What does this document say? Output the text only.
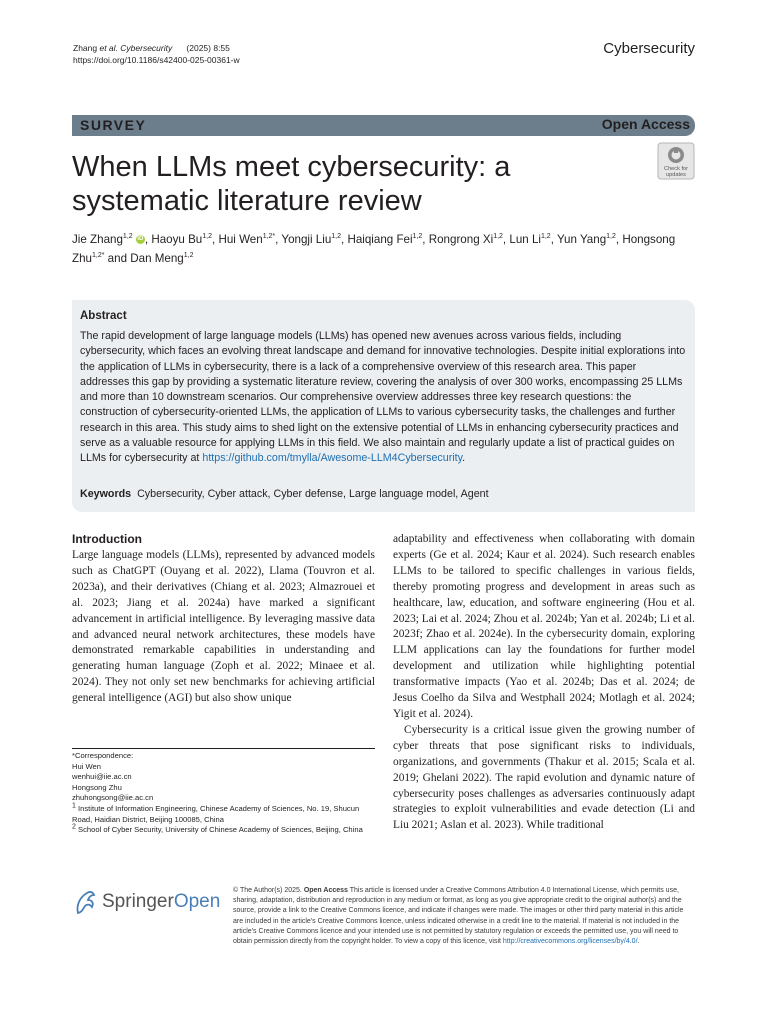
Zhang et al. Cybersecurity (2025) 8:55
https://doi.org/10.1186/s42400-025-00361-w
Cybersecurity
SURVEY	Open Access
When LLMs meet cybersecurity: a systematic literature review
Check for
updates
Jie Zhang$^{1,2}$ iD , Haoyu Bu$^{1,2}$, Hui Wen$^{1,2*}$, Yongji Liu$^{1,2}$, Haiqiang Fei$^{1,2}$, Rongrong Xi$^{1,2}$, Lun Li$^{1,2}$, Yun Yang$^{1,2}$, Hongsong Zhu$^{1,2*}$ and Dan Meng$^{1,2}$
Abstract
The rapid development of large language models (LLMs) has opened new avenues across various fields, including cybersecurity, which faces an evolving threat landscape and demand for innovative technologies. Despite initial explorations into the application of LLMs in cybersecurity, there is a lack of a comprehensive overview of this research area. This paper addresses this gap by providing a systematic literature review, covering the analysis of over 300 works, encompassing 25 LLMs and more than 10 downstream scenarios. Our comprehensive overview addresses three key research questions: the construction of cybersecurity-oriented LLMs, the application of LLMs to various cybersecurity tasks, the challenges and further research in this area. This study aims to shed light on the extensive potential of LLMs in enhancing cybersecurity practices and serve as a valuable resource for applying LLMs in this field. We also maintain and regularly update a list of practical guides on LLMs for cybersecurity at https://github.com/tmylla/Awesome-LLM4Cybersecurity.
Keywords Cybersecurity, Cyber attack, Cyber defense, Large language model, Agent
Introduction
Large language models (LLMs), represented by advanced models such as ChatGPT (Ouyang et al. 2022), Llama (Touvron et al. 2023a), and their derivatives (Chiang et al. 2023; Almazrouei et al. 2023; Jiang et al. 2024a) have marked a significant advancement in artificial intelligence. By leveraging massive data and advanced neural network architectures, these models have demonstrated remarkable capabilities in understanding and generating human language (Zoph et al. 2022; Minaee et al. 2024). They not only set new benchmarks for achieving artificial general intelligence (AGI) but also show unique
adaptability and effectiveness when collaborating with domain experts (Ge et al. 2024; Kaur et al. 2024). Such research enables LLMs to be tailored to specific challenges in various fields, thereby promoting progress and development in areas such as healthcare, law, education, and software engineering (Hou et al. 2023; Lai et al. 2024; Zhou et al. 2024b; Yan et al. 2024b; Li et al. 2023f; Zhao et al. 2024e). In the cybersecurity domain, exploring LLM applications can lay the foundations for further model development and utilization while highlighting potential transformative impacts (Yao et al. 2024b; Das et al. 2024; de Jesus Coelho da Silva and Westphall 2024; Motlagh et al. 2024; Yigit et al. 2024).
Cybersecurity is a critical issue given the growing number of cyber threats that pose significant risks to individuals, organizations, and governments (Thakur et al. 2015; Scala et al. 2019; Ghelani 2022). The rapid evolution and dynamic nature of cybersecurity poses challenges as adversaries continuously adapt strategies to exploit vulnerabilities and evade detection (Li and Liu 2021; Aslan et al. 2023). While traditional
*Correspondence:
Hui Wen
wenhui@iie.ac.cn
Hongsong Zhu
zhuhongsong@iie.ac.cn
1 Institute of Information Engineering, Chinese Academy of Sciences, No. 19, Shucun Road, Haidian District, Beijing 100085, China
2 School of Cyber Security, University of Chinese Academy of Sciences, Beijing, China
SpringerOpen
© The Author(s) 2025. Open Access This article is licensed under a Creative Commons Attribution 4.0 International License, which permits use, sharing, adaptation, distribution and reproduction in any medium or format, as long as you give appropriate credit to the original author(s) and the source, provide a link to the Creative Commons licence, and indicate if changes were made. The images or other third party material in this article are included in the article's Creative Commons licence, unless indicated otherwise in a credit line to the material. If material is not included in the article's Creative Commons licence and your intended use is not permitted by statutory regulation or exceeds the permitted use, you will need to obtain permission directly from the copyright holder. To view a copy of this licence, visit http://creativecommons.org/licenses/by/4.0/.
